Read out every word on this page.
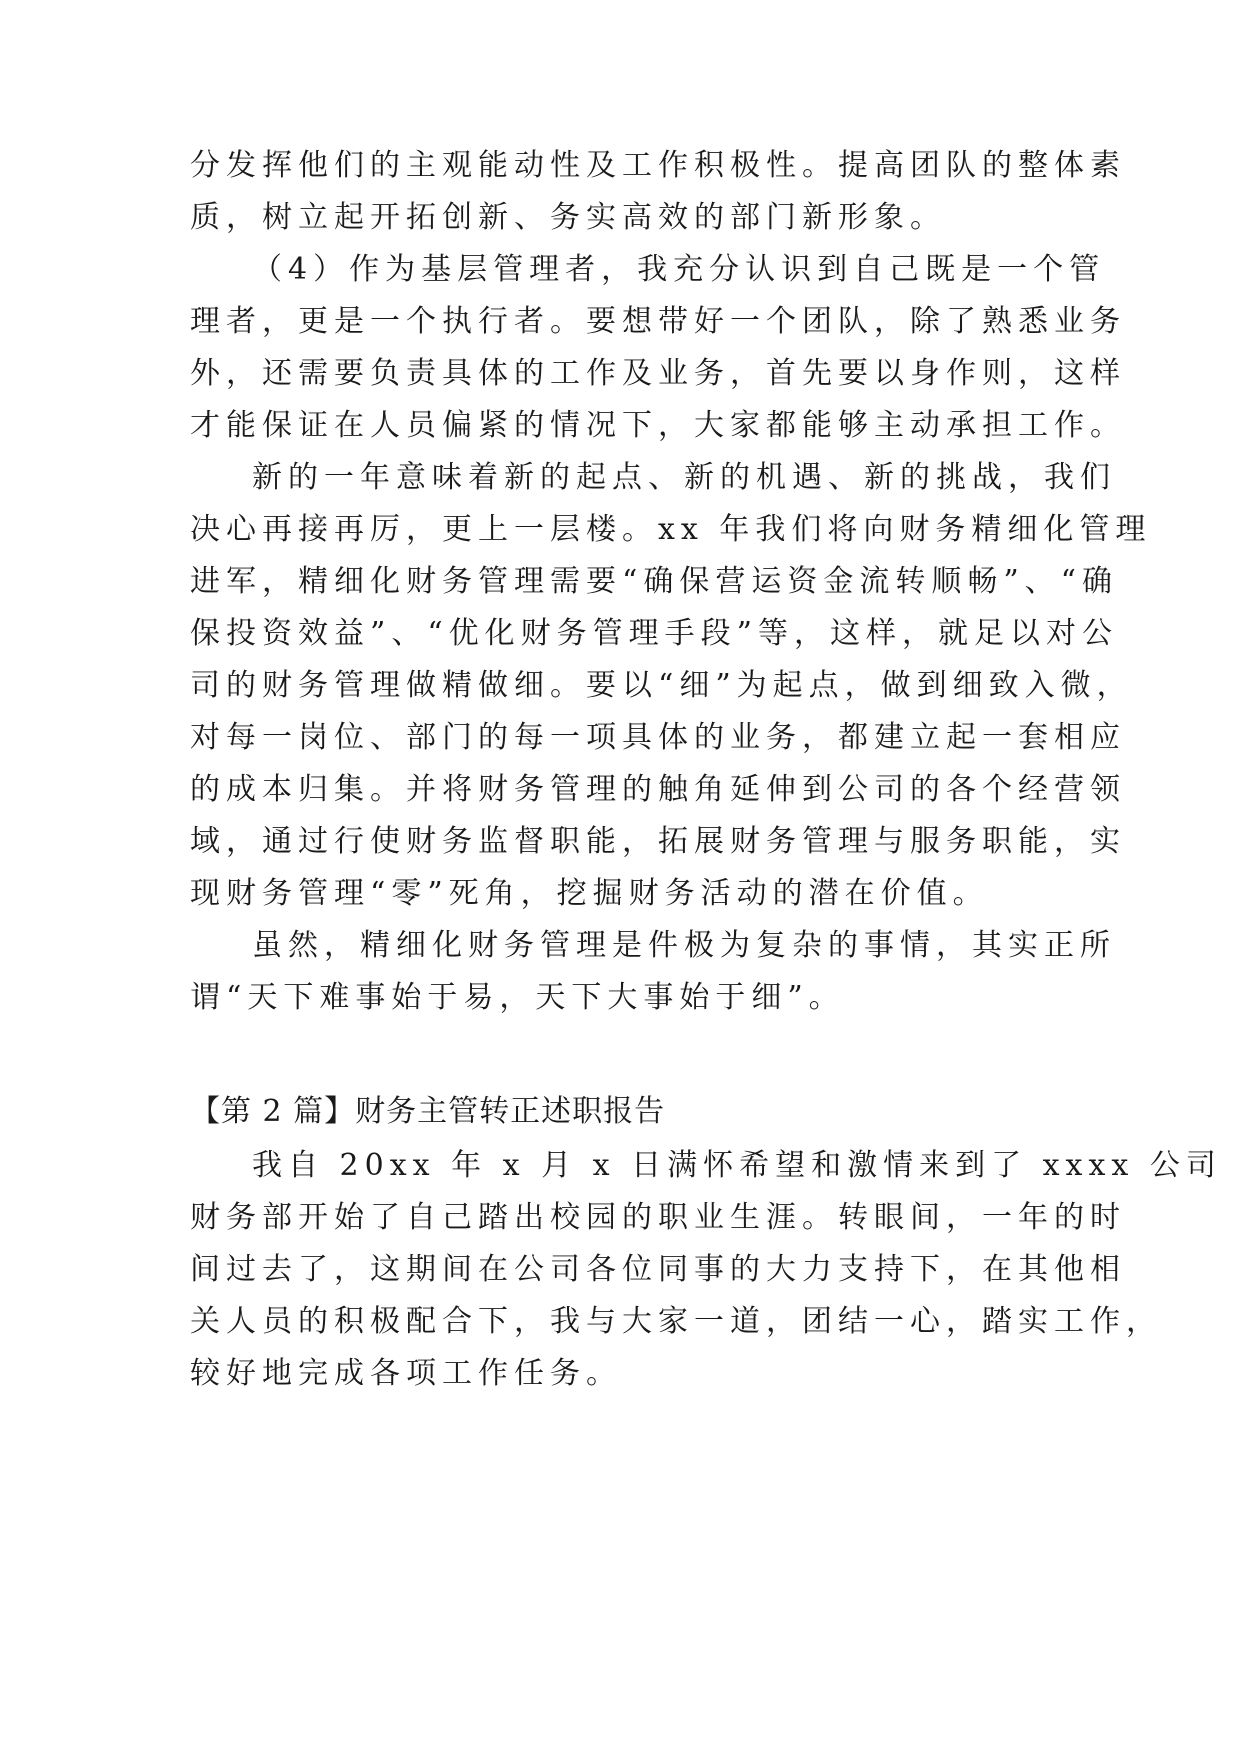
分发挥他们的主观能动性及工作积极性。提高团队的整体素
质，树立起开拓创新、务实高效的部门新形象。
（4）作为基层管理者，我充分认识到自己既是一个管
理者，更是一个执行者。要想带好一个团队，除了熟悉业务
外，还需要负责具体的工作及业务，首先要以身作则，这样
才能保证在人员偏紧的情况下，大家都能够主动承担工作。
新的一年意味着新的起点、新的机遇、新的挑战，我们
决心再接再厉，更上一层楼。xx 年我们将向财务精细化管理
进军，精细化财务管理需要“确保营运资金流转顺畅”、“确
保投资效益”、“优化财务管理手段”等，这样，就足以对公
司的财务管理做精做细。要以“细”为起点，做到细致入微，
对每一岗位、部门的每一项具体的业务，都建立起一套相应
的成本归集。并将财务管理的触角延伸到公司的各个经营领
域，通过行使财务监督职能，拓展财务管理与服务职能，实
现财务管理“零”死角，挖掘财务活动的潜在价值。
虽然，精细化财务管理是件极为复杂的事情，其实正所
谓“天下难事始于易，天下大事始于细”。
【第 2 篇】财务主管转正述职报告
我自 20xx 年 x 月 x 日满怀希望和激情来到了 xxxx 公司
财务部开始了自己踏出校园的职业生涯。转眼间，一年的时
间过去了，这期间在公司各位同事的大力支持下，在其他相
关人员的积极配合下，我与大家一道，团结一心，踏实工作，
较好地完成各项工作任务。
